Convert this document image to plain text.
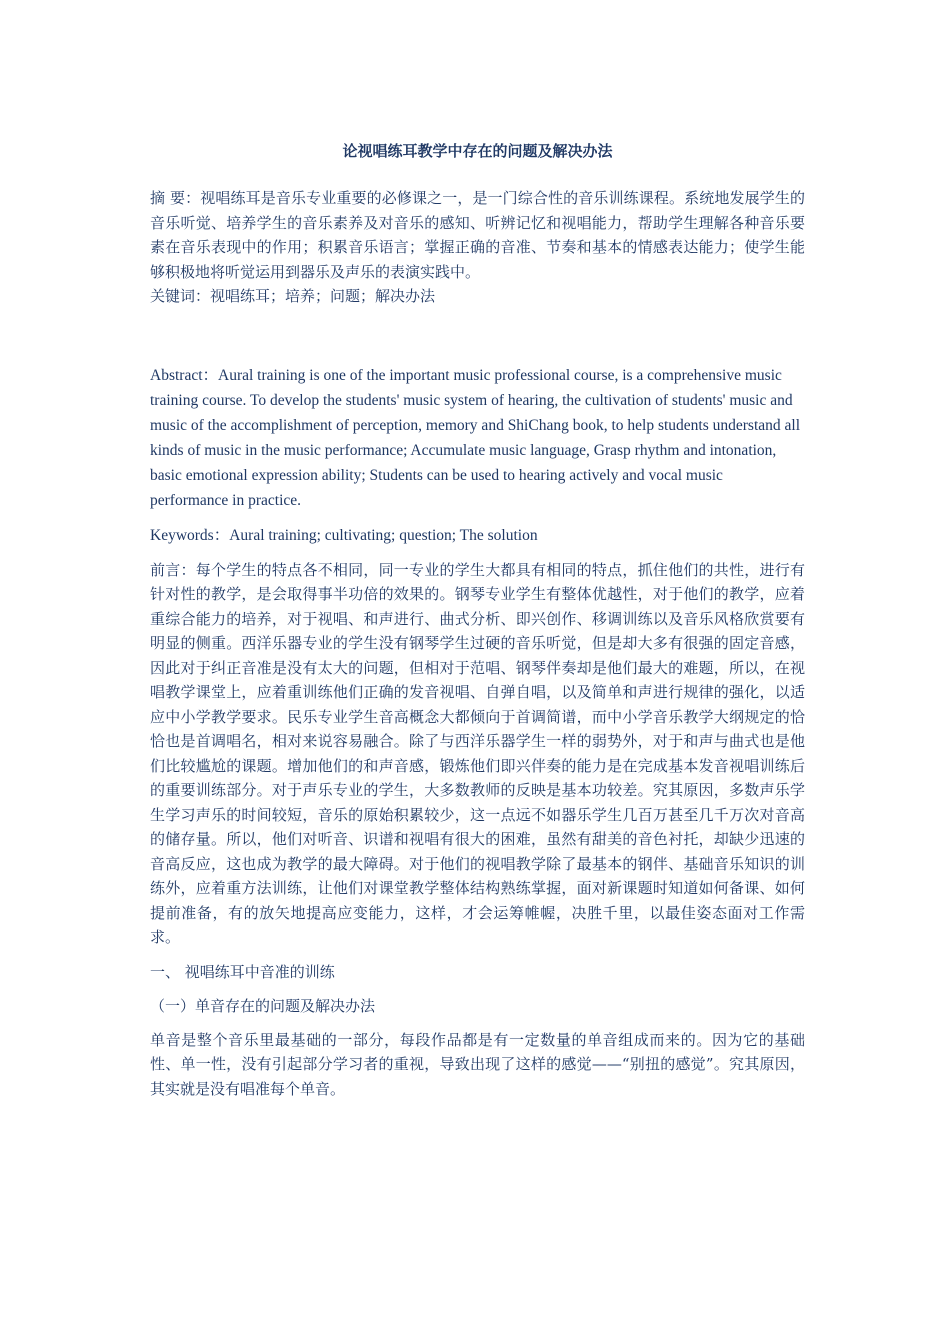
论视唱练耳教学中存在的问题及解决办法

摘 要：视唱练耳是音乐专业重要的必修课之一，是一门综合性的音乐训练课程。系统地发展学生的音乐听觉、培养学生的音乐素养及对音乐的感知、听辨记忆和视唱能力，帮助学生理解各种音乐要素在音乐表现中的作用；积累音乐语言；掌握正确的音准、节奏和基本的情感表达能力；使学生能够积极地将听觉运用到器乐及声乐的表演实践中。

关键词：视唱练耳；培养；问题；解决办法

Abstract：Aural training is one of the important music professional course, is a comprehensive music training course. To develop the students' music system of hearing, the cultivation of students' music and music of the accomplishment of perception, memory and ShiChang book, to help students understand all kinds of music in the music performance; Accumulate music language, Grasp rhythm and intonation, basic emotional expression ability; Students can be used to hearing actively and vocal music performance in practice.

Keywords：Aural training; cultivating; question; The solution

前言：每个学生的特点各不相同，同一专业的学生大都具有相同的特点，抓住他们的共性，进行有针对性的教学，是会取得事半功倍的效果的。钢琴专业学生有整体优越性，对于他们的教学，应着重综合能力的培养，对于视唱、和声进行、曲式分析、即兴创作、移调训练以及音乐风格欣赏要有明显的侧重。西洋乐器专业的学生没有钢琴学生过硬的音乐听觉，但是却大多有很强的固定音感，因此对于纠正音准是没有太大的问题，但相对于范唱、钢琴伴奏却是他们最大的难题，所以，在视唱教学课堂上，应着重训练他们正确的发音视唱、自弹自唱，以及简单和声进行规律的强化，以适应中小学教学要求。民乐专业学生音高概念大都倾向于首调简谱，而中小学音乐教学大纲规定的恰恰也是首调唱名，相对来说容易融合。除了与西洋乐器学生一样的弱势外，对于和声与曲式也是他们比较尴尬的课题。增加他们的和声音感，锻炼他们即兴伴奏的能力是在完成基本发音视唱训练后的重要训练部分。对于声乐专业的学生，大多数教师的反映是基本功较差。究其原因，多数声乐学生学习声乐的时间较短，音乐的原始积累较少，这一点远不如器乐学生几百万甚至几千万次对音高的储存量。所以，他们对听音、识谱和视唱有很大的困难，虽然有甜美的音色衬托，却缺少迅速的音高反应，这也成为教学的最大障碍。对于他们的视唱教学除了最基本的钢伴、基础音乐知识的训练外，应着重方法训练，让他们对课堂教学整体结构熟练掌握，面对新课题时知道如何备课、如何提前准备，有的放矢地提高应变能力，这样，才会运筹帷幄，决胜千里，以最佳姿态面对工作需求。

一、 视唱练耳中音准的训练

（一）单音存在的问题及解决办法

单音是整个音乐里最基础的一部分，每段作品都是有一定数量的单音组成而来的。因为它的基础性、单一性，没有引起部分学习者的重视，导致出现了这样的感觉——“别扭的感觉”。究其原因，其实就是没有唱准每个单音。
